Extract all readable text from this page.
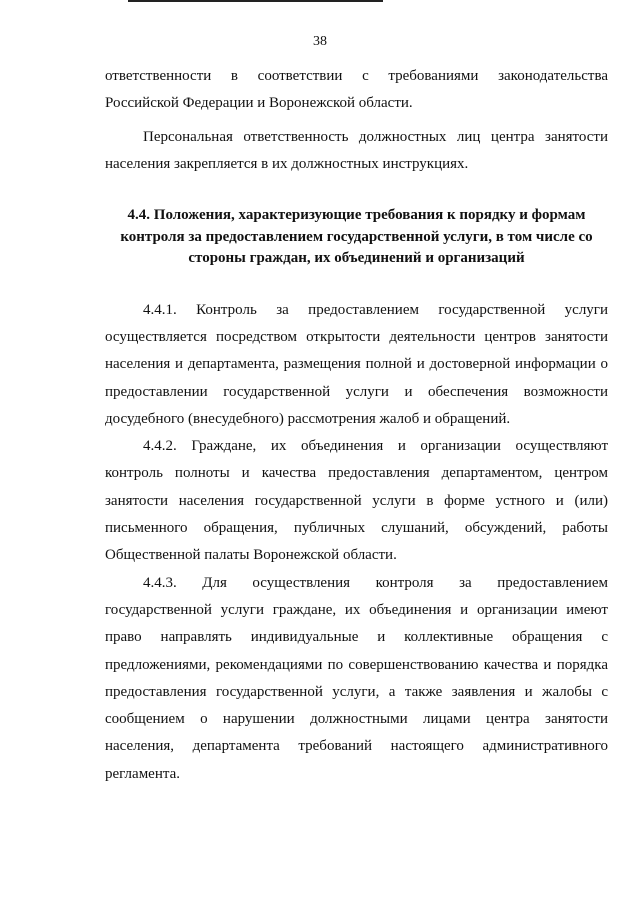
38
ответственности в соответствии с требованиями законодательства
Российской Федерации и Воронежской области.
Персональная ответственность должностных лиц центра занятости
населения закрепляется в их должностных инструкциях.
4.4. Положения, характеризующие требования к порядку и формам
контроля за предоставлением государственной услуги, в том числе со
стороны граждан, их объединений и организаций
4.4.1. Контроль за предоставлением государственной услуги
осуществляется посредством открытости деятельности центров занятости
населения и департамента, размещения полной и достоверной информации о
предоставлении государственной услуги и обеспечения возможности
досудебного (внесудебного) рассмотрения жалоб и обращений.
4.4.2. Граждане, их объединения и организации осуществляют
контроль полноты и качества предоставления департаментом, центром
занятости населения государственной услуги в форме устного и (или)
письменного обращения, публичных слушаний, обсуждений, работы
Общественной палаты Воронежской области.
4.4.3. Для осуществления контроля за предоставлением
государственной услуги граждане, их объединения и организации имеют
право направлять индивидуальные и коллективные обращения с
предложениями, рекомендациями по совершенствованию качества и порядка
предоставления государственной услуги, а также заявления и жалобы с
сообщением о нарушении должностными лицами центра занятости
населения, департамента требований настоящего административного
регламента.
